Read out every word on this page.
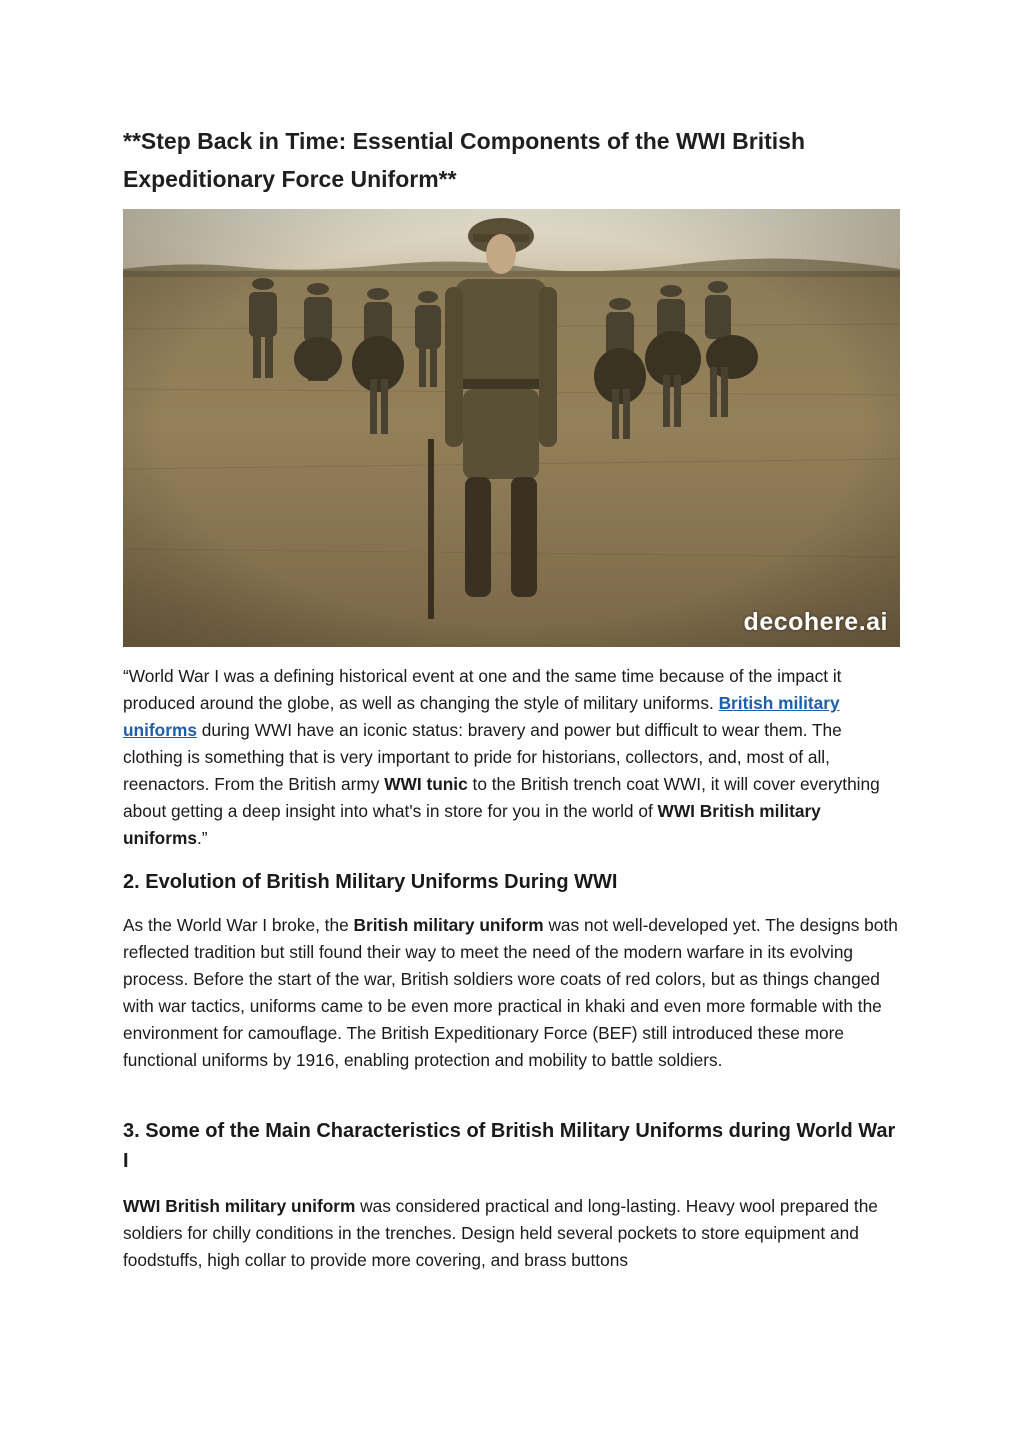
**Step Back in Time: Essential Components of the WWI British Expeditionary Force Uniform**
decohere.ai

“World War I was a defining historical event at one and the same time because of the impact it produced around the globe, as well as changing the style of military uniforms. British military uniforms during WWI have an iconic status: bravery and power but difficult to wear them. The clothing is something that is very important to pride for historians, collectors, and, most of all, reenactors. From the British army WWI tunic to the British trench coat WWI, it will cover everything about getting a deep insight into what's in store for you in the world of WWI British military uniforms.”

2. Evolution of British Military Uniforms During WWI

As the World War I broke, the British military uniform was not well-developed yet. The designs both reflected tradition but still found their way to meet the need of the modern warfare in its evolving process. Before the start of the war, British soldiers wore coats of red colors, but as things changed with war tactics, uniforms came to be even more practical in khaki and even more formable with the environment for camouflage. The British Expeditionary Force (BEF) still introduced these more functional uniforms by 1916, enabling protection and mobility to battle soldiers.

3. Some of the Main Characteristics of British Military Uniforms during World War I

WWI British military uniform was considered practical and long-lasting. Heavy wool prepared the soldiers for chilly conditions in the trenches. Design held several pockets to store equipment and foodstuffs, high collar to provide more covering, and brass buttons
